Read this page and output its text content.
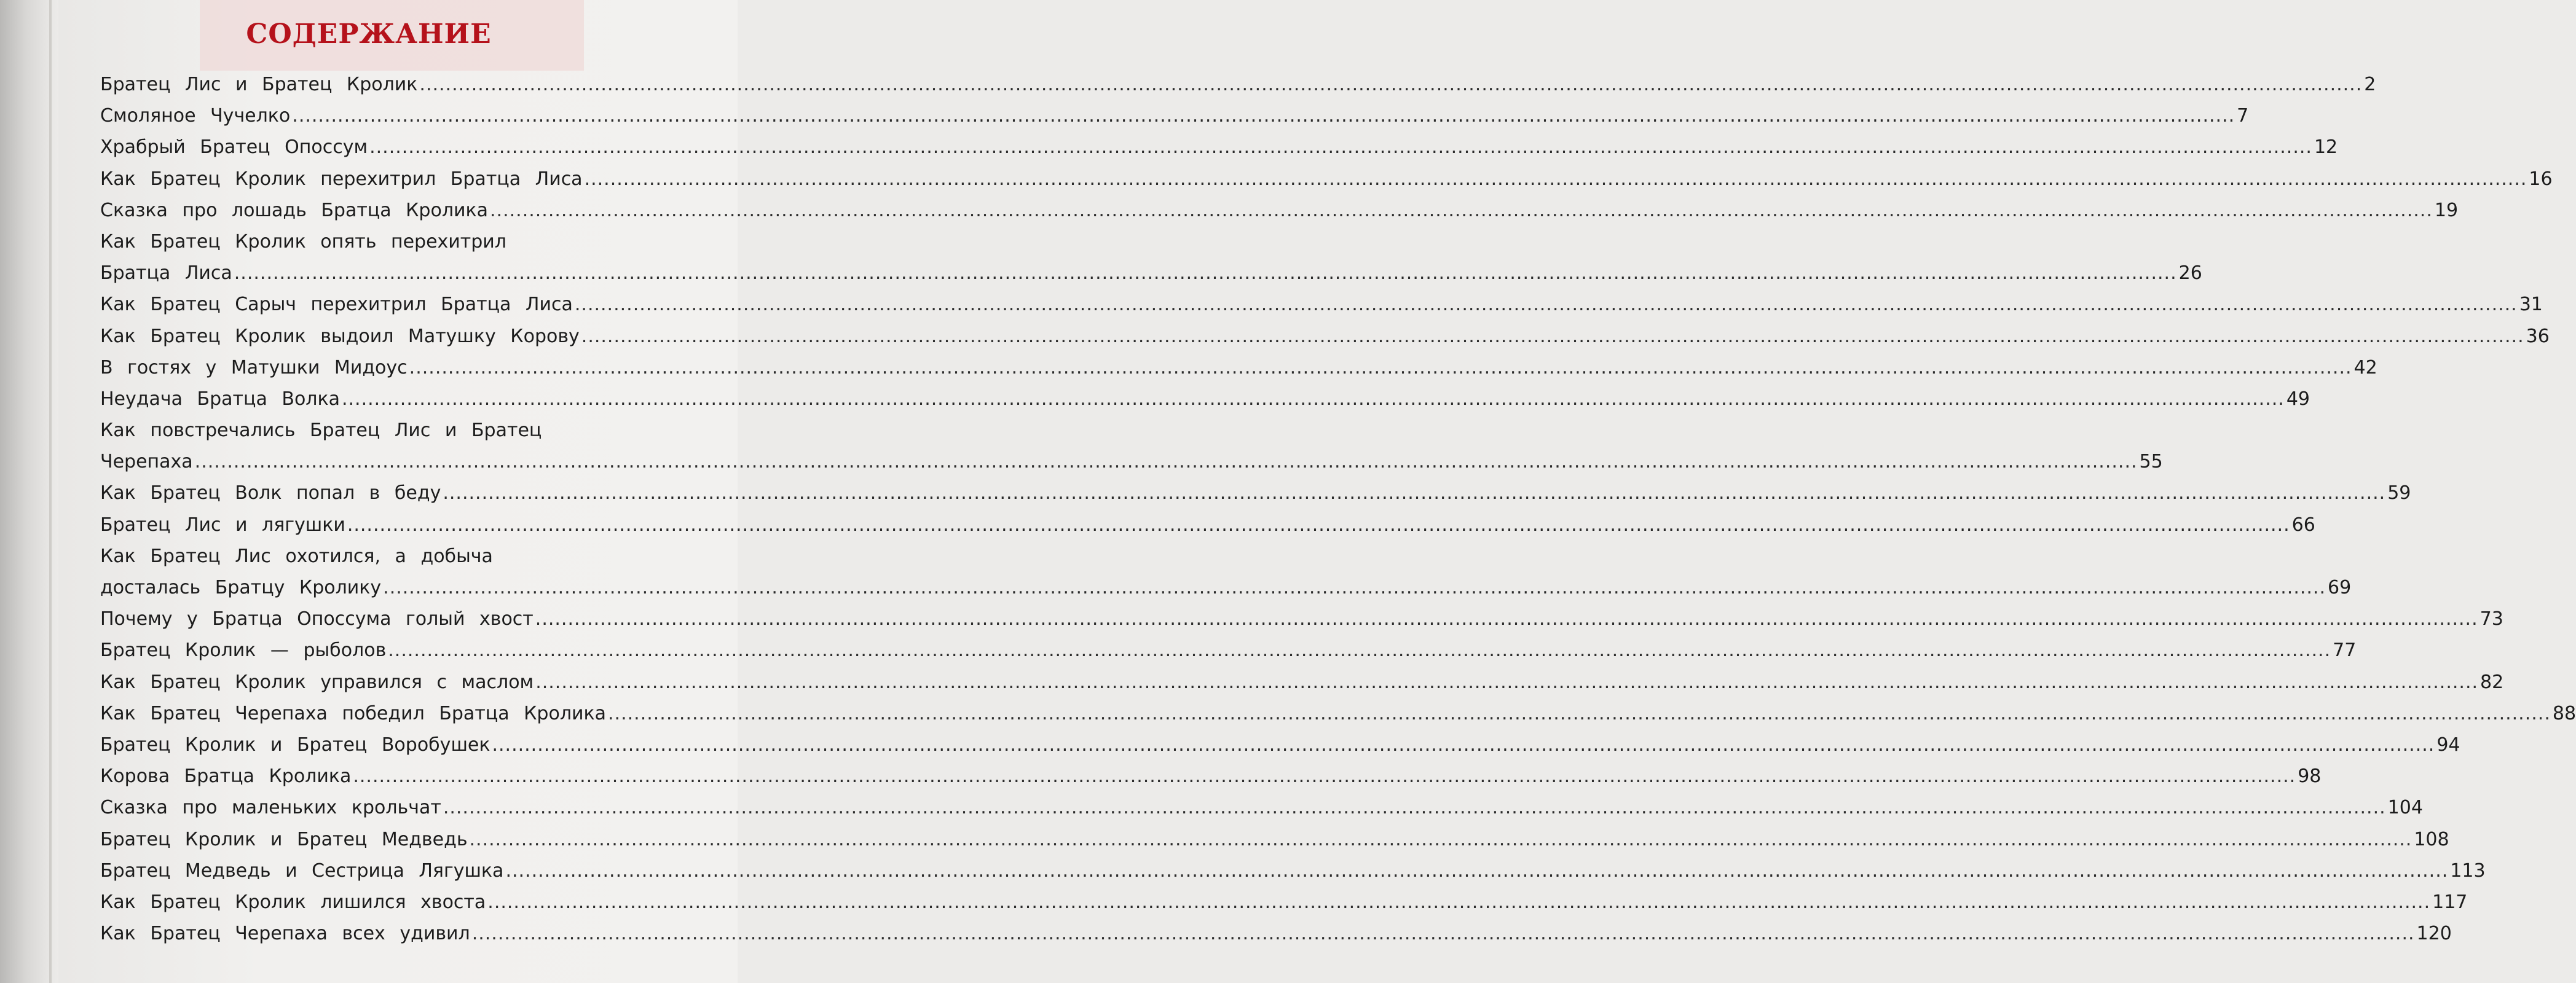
СОДЕРЖАНИЕ
Братец Лис и Братец Кролик ............................................................................................................................................................................................................................................................................................................ 2
Смоляное Чучелко ............................................................................................................................................................................................................................................................................................................ 7
Храбрый Братец Опоссум ............................................................................................................................................................................................................................................................................................................ 12
Как Братец Кролик перехитрил Братца Лиса ............................................................................................................................................................................................................................................................................................................ 16
Сказка про лошадь Братца Кролика ............................................................................................................................................................................................................................................................................................................ 19
Как Братец Кролик опять перехитрил
Братца Лиса ............................................................................................................................................................................................................................................................................................................ 26
Как Братец Сарыч перехитрил Братца Лиса ............................................................................................................................................................................................................................................................................................................ 31
Как Братец Кролик выдоил Матушку Корову ............................................................................................................................................................................................................................................................................................................ 36
В гостях у Матушки Мидоус ............................................................................................................................................................................................................................................................................................................ 42
Неудача Братца Волка ............................................................................................................................................................................................................................................................................................................ 49
Как повстречались Братец Лис и Братец
Черепаха ............................................................................................................................................................................................................................................................................................................ 55
Как Братец Волк попал в беду ............................................................................................................................................................................................................................................................................................................ 59
Братец Лис и лягушки ............................................................................................................................................................................................................................................................................................................ 66
Как Братец Лис охотился, а добыча
досталась Братцу Кролику ............................................................................................................................................................................................................................................................................................................ 69
Почему у Братца Опоссума голый хвост ............................................................................................................................................................................................................................................................................................................ 73
Братец Кролик — рыболов ............................................................................................................................................................................................................................................................................................................ 77
Как Братец Кролик управился с маслом ............................................................................................................................................................................................................................................................................................................ 82
Как Братец Черепаха победил Братца Кролика ............................................................................................................................................................................................................................................................................................................ 88
Братец Кролик и Братец Воробушек ............................................................................................................................................................................................................................................................................................................ 94
Корова Братца Кролика ............................................................................................................................................................................................................................................................................................................ 98
Сказка про маленьких крольчат ............................................................................................................................................................................................................................................................................................................ 104
Братец Кролик и Братец Медведь ............................................................................................................................................................................................................................................................................................................ 108
Братец Медведь и Сестрица Лягушка ............................................................................................................................................................................................................................................................................................................ 113
Как Братец Кролик лишился хвоста ............................................................................................................................................................................................................................................................................................................ 117
Как Братец Черепаха всех удивил ............................................................................................................................................................................................................................................................................................................ 120
